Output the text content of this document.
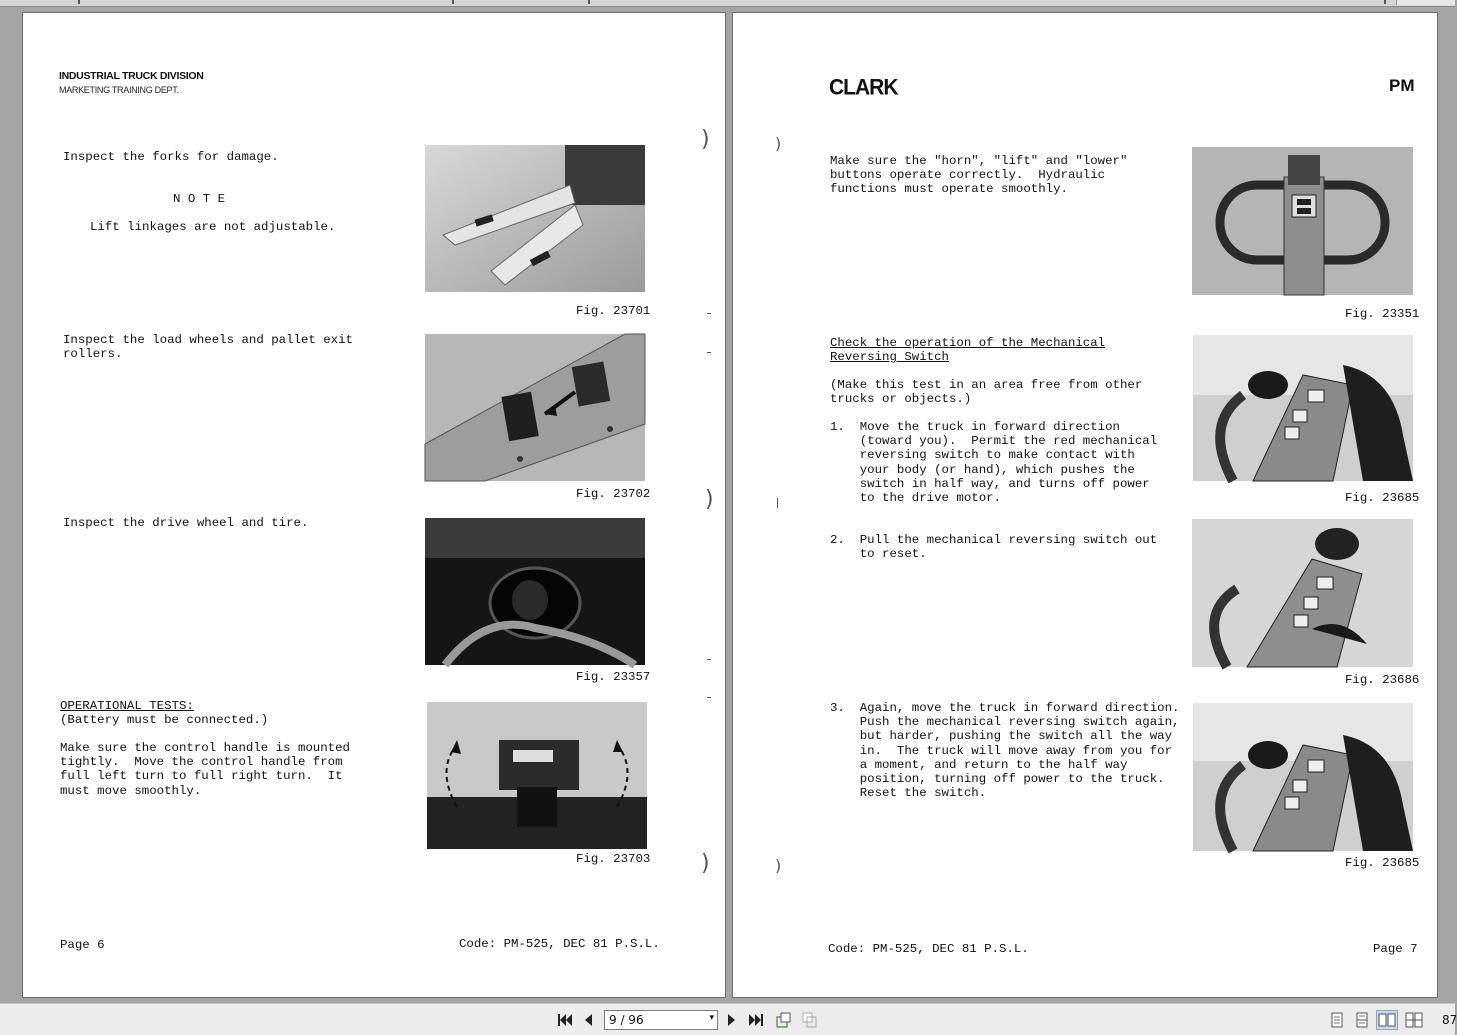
INDUSTRIAL TRUCK DIVISION
MARKETING TRAINING DEPT.
Inspect the forks for damage.
N O T E
Lift linkages are not adjustable.
Fig. 23701
Inspect the load wheels and pallet exit
rollers.
Fig. 23702
Inspect the drive wheel and tire.
Fig. 23357
OPERATIONAL TESTS:
(Battery must be connected.)
Make sure the control handle is mounted
tightly.  Move the control handle from
full left turn to full right turn.  It
must move smoothly.
Fig. 23703
Page 6	Code: PM-525, DEC 81 P.S.L.
)
)
)
CLARK	PM
Make sure the "horn", "lift" and "lower"
buttons operate correctly.  Hydraulic
functions must operate smoothly.
Fig. 23351
Check the operation of the Mechanical
Reversing Switch
(Make this test in an area free from other
trucks or objects.)
1.  Move the truck in forward direction
(toward you).  Permit the red mechanical
reversing switch to make contact with
your body (or hand), which pushes the
switch in half way, and turns off power
to the drive motor.	Fig. 23685
2.  Pull the mechanical reversing switch out
to reset.
Fig. 23686
3.  Again, move the truck in forward direction.
Push the mechanical reversing switch again,
but harder, pushing the switch all the way
in.  The truck will move away from you for
a moment, and return to the half way
position, turning off power to the truck.
Reset the switch.
Fig. 23685
Code: PM-525, DEC 81 P.S.L.	Page 7
)
)
9 / 96	▾	87
